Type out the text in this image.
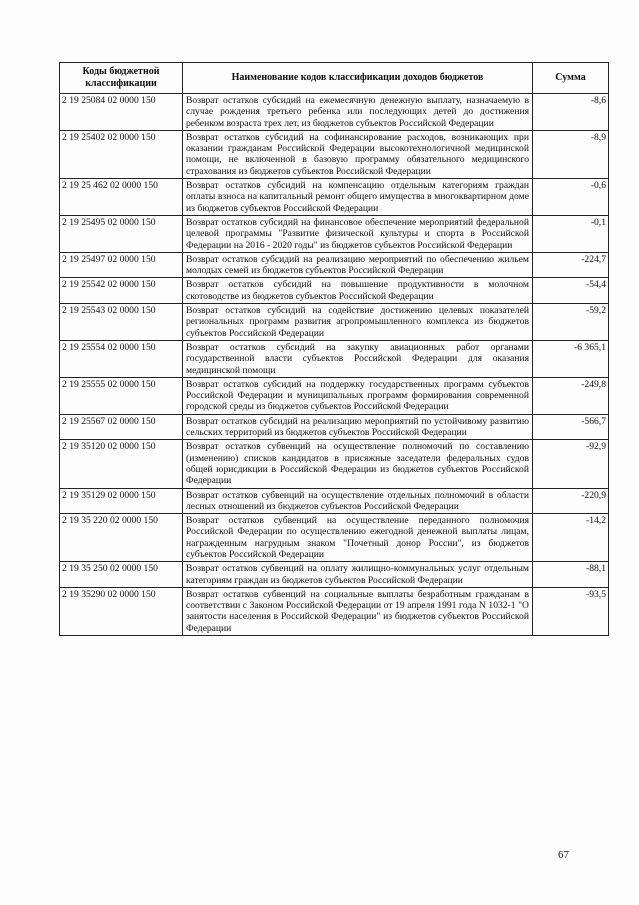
Коды бюджетной классификации	Наименование кодов классификации доходов бюджетов	Сумма
2 19 25084 02 0000 150	Возврат остатков субсидий на ежемесячную денежную выплату, назначаемую в случае рождения третьего ребенка или последующих детей до достижения ребенком возраста трех лет, из бюджетов субъектов Российской Федерации	-8,6
2 19 25402 02 0000 150	Возврат остатков субсидий на софинансирование расходов, возникающих при оказании гражданам Российской Федерации высокотехнологичной медицинской помощи, не включенной в базовую программу обязательного медицинского страхования из бюджетов субъектов Российской Федерации	-8,9
2 19 25 462 02 0000 150	Возврат остатков субсидий на компенсацию отдельным категориям граждан оплаты взноса на капитальный ремонт общего имущества в многоквартирном доме из бюджетов субъектов Российской Федерации	-0,6
2 19 25495 02 0000 150	Возврат остатков субсидий на финансовое обеспечение мероприятий федеральной целевой программы "Развитие физической культуры и спорта в Российской Федерации на 2016 - 2020 годы" из бюджетов субъектов Российской Федерации	-0,1
2 19 25497 02 0000 150	Возврат остатков субсидий на реализацию мероприятий по обеспечению жильем молодых семей из бюджетов субъектов Российской Федерации	-224,7
2 19 25542 02 0000 150	Возврат остатков субсидий на повышение продуктивности в молочном скотоводстве из бюджетов субъектов Российской Федерации	-54,4
2 19 25543 02 0000 150	Возврат остатков субсидий на содействие достижению целевых показателей региональных программ развития агропромышленного комплекса из бюджетов субъектов Российской Федерации	-59,2
2 19 25554 02 0000 150	Возврат остатков субсидий на закупку авиационных работ органами государственной власти субъектов Российской Федерации для оказания медицинской помощи	-6 365,1
2 19 25555 02 0000 150	Возврат остатков субсидий на поддержку государственных программ субъектов Российской Федерации и муниципальных программ формирования современной городской среды из бюджетов субъектов Российской Федерации	-249,8
2 19 25567 02 0000 150	Возврат остатков субсидий на реализацию мероприятий по устойчивому развитию сельских территорий из бюджетов субъектов Российской Федерации	-566,7
2 19 35120 02 0000 150	Возврат остатков субвенций на осуществление полномочий по составлению (изменению) списков кандидатов в присяжные заседатели федеральных судов общей юрисдикции в Российской Федерации из бюджетов субъектов Российской Федерации	-92,9
2 19 35129 02 0000 150	Возврат остатков субвенций на осуществление отдельных полномочий в области лесных отношений из бюджетов субъектов Российской Федерации	-220,9
2 19 35 220 02 0000 150	Возврат остатков субвенций на осуществление переданного полномочия Российской Федерации по осуществлению ежегодной денежной выплаты лицам, награжденным нагрудным знаком "Почетный донор России", из бюджетов субъектов Российской Федерации	-14,2
2 19 35 250 02 0000 150	Возврат остатков субвенций на оплату жилищно-коммунальных услуг отдельным категориям граждан из бюджетов субъектов Российской Федерации	-88,1
2 19 35290 02 0000 150	Возврат остатков субвенций на социальные выплаты безработным гражданам в соответствии с Законом Российской Федерации от 19 апреля 1991 года N 1032-1 "О занятости населения в Российской Федерации" из бюджетов субъектов Российской Федерации	-93,5
67
